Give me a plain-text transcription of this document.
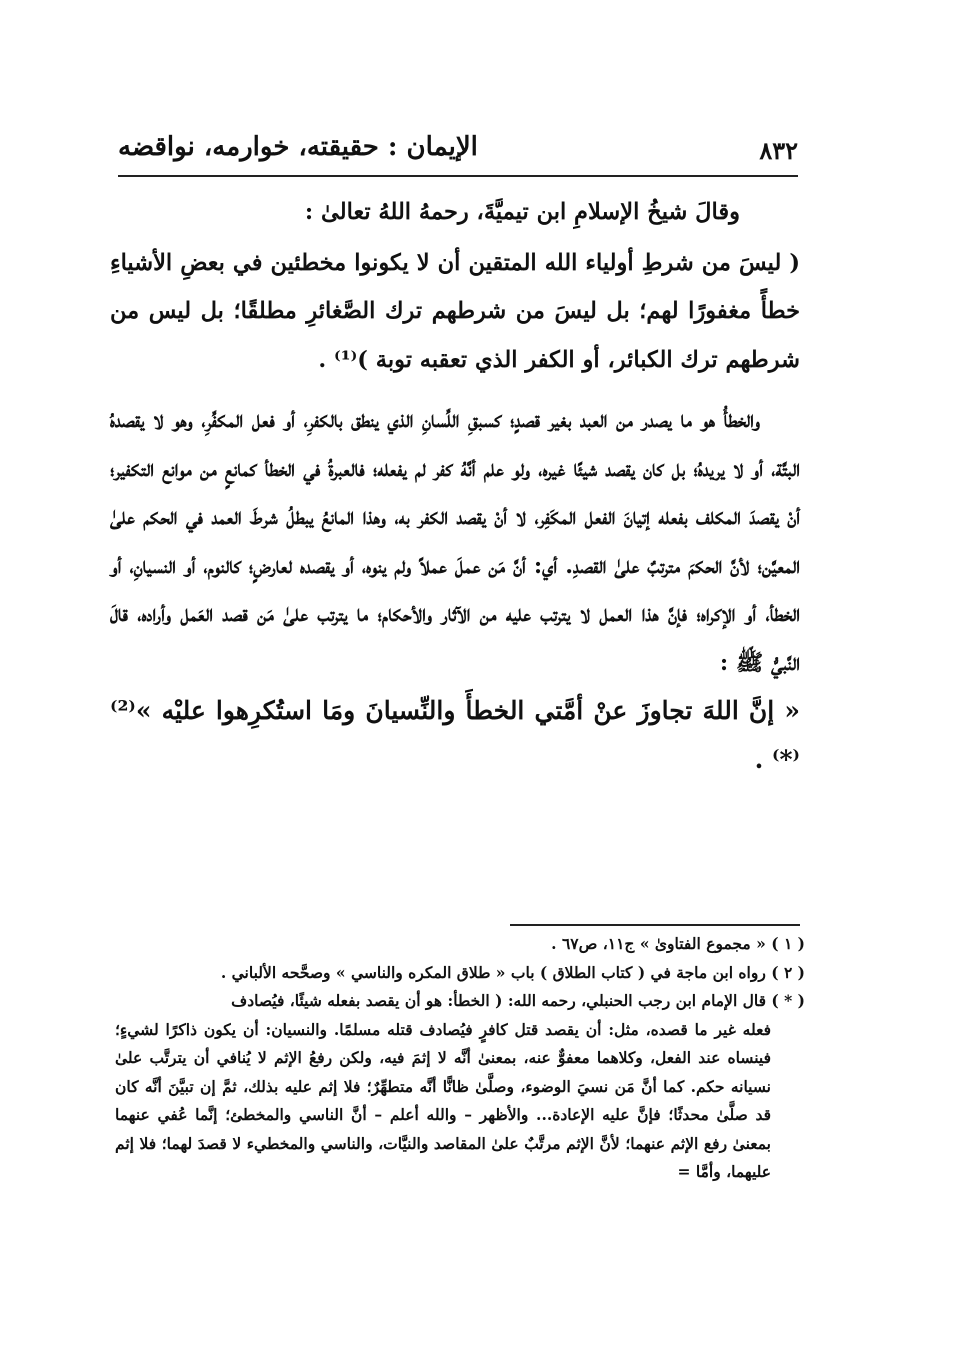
٨٣٢
الإيمان : حقيقته، خوارمه، نواقضه

وقالَ شيخُ الإسلامِ ابن تيميَّةَ، رحمهُ اللهُ تعالىٰ :

( ليسَ من شرطِ أولياء الله المتقين أن لا يكونوا مخطئين في بعضِ الأشياءِ خطأً مغفورًا لهم؛ بل ليسَ من شرطهم ترك الصَّغائرِ مطلقًا؛ بل ليس من شرطهم ترك الكبائر، أو الكفر الذي تعقبه توبة )⁽¹⁾ .

والخطأُ هو ما يصدر من العبد بغير قصدٍ؛ كسبقِ اللِّسانِ الذي ينطق بالكفرِ، أو فعل المكفِّرِ، وهو لا يقصدهُ البتَّة، أو لا يريدهُ؛ بل كان يقصد شيئًا غيره، ولو علم أنَّهُ كفر لم يفعله؛ فالعبرةُ في الخطأ كمانعٍ من موانع التكفير؛ أنْ يقصدَ المكلف بفعله إتيانَ الفعل المكَفِر، لا أنْ يقصد الكفر به، وهذا المانعُ يبطلُ شرطَ العمد في الحكم علىٰ المعيَّن؛ لأنَّ الحكمَ مترتبٌ علىٰ القصدِ. أي: أنَّ مَن عملَ عملاً ولم ينوه، أو يقصده لعارضٍ؛ كالنوم، أو النسيانِ، أو الخطأ، أو الإكراه؛ فإنَّ هذا العمل لا يترتب عليه من الآثار والأحكام؛ ما يترتب علىٰ مَن قصد العَمل وأراده، قالَ النَّبيُّ ﷺ :

« إنَّ اللهَ تجاوزَ عنْ أمَّتي الخطأَ والنِّسيانَ ومَا استُكرِهوا عليْه »⁽²⁾⁽*⁾ .

( ١ ) « مجموع الفتاوىٰ » ج١١، ص٦٧ .

( ٢ ) رواه ابن ماجة في ( كتاب الطلاق ) باب « طلاق المكره والناسي » وصحَّحه الألباني .

( * ) قال الإمام ابن رجب الحنبلي، رحمه الله: ( الخطأ: هو أن يقصد بفعله شيئًا، فيُصادف

فعله غير ما قصده، مثل: أن يقصد قتل كافرٍ فيُصادف قتله مسلمًا. والنسيان: أن يكون ذاكرًا لشيءٍ؛ فينساه عند الفعل، وكلاهما معفوٌّ عنه، بمعنىٰ أنَّه لا إثمَ فيه، ولكن رفعُ الإثم لا يُنافي أن يترتَّب علىٰ نسيانه حكم. كما أنَّ مَن نسيَ الوضوء، وصلَّىٰ ظانًّا أنَّه متطهِّرٌ؛ فلا إثم عليه بذلك، ثمَّ إن تبيَّنَ أنَّه كان قد صلَّىٰ محدثًا؛ فإنَّ عليه الإعادة... والأظهر – والله أعلم – أنَّ الناسي والمخطئ؛ إنَّما عُفي عنهما بمعنىٰ رفع الإثم عنهما؛ لأنَّ الإثم مرتَّبٌ علىٰ المقاصد والنيَّات، والناسي والمخطيء لا قصدَ لهما؛ فلا إثم عليهما، وأمَّا =
